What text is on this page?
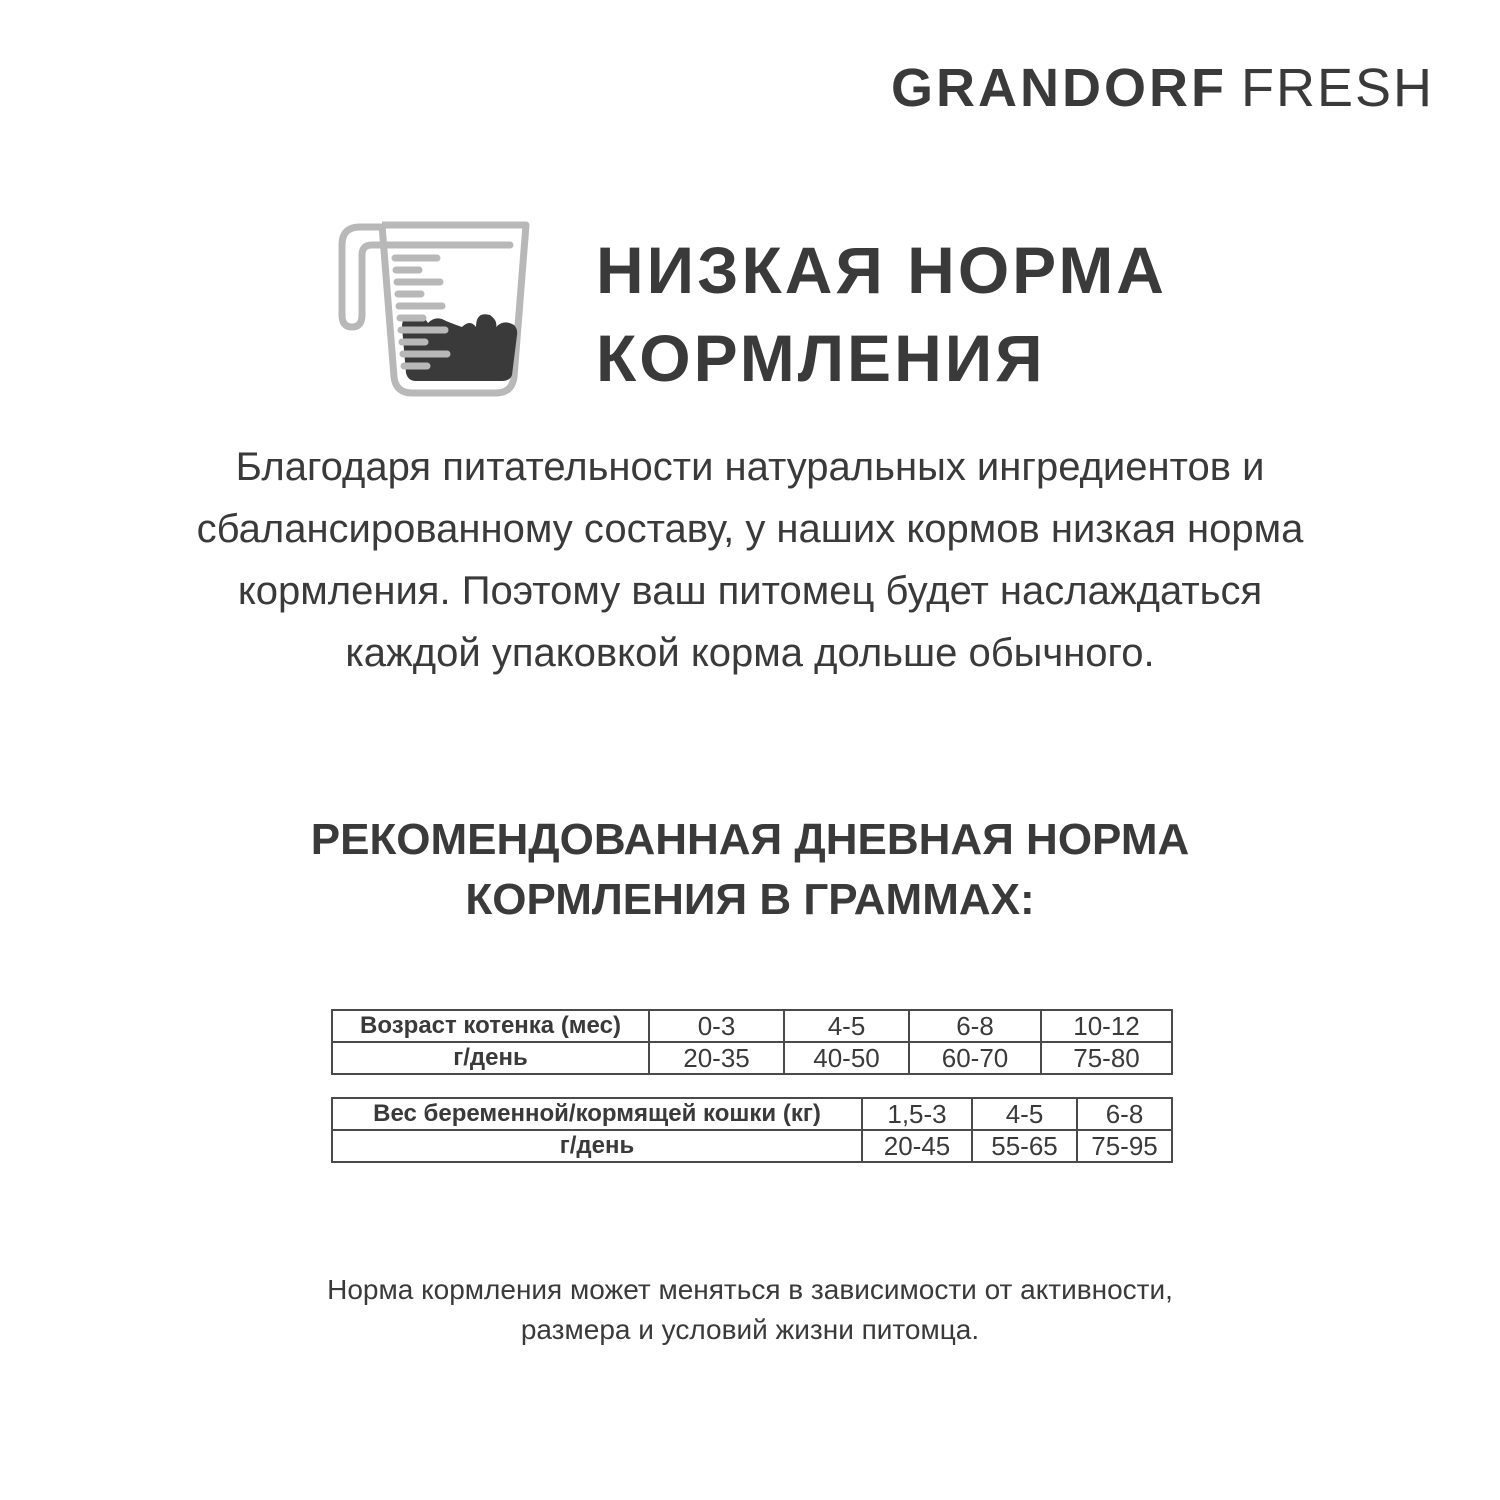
GRANDORF FRESH
НИЗКАЯ НОРМА
КОРМЛЕНИЯ

Благодаря питательности натуральных ингредиентов и
сбалансированному составу, у наших кормов низкая норма
кормления. Поэтому ваш питомец будет наслаждаться
каждой упаковкой корма дольше обычного.

РЕКОМЕНДОВАННАЯ ДНЕВНАЯ НОРМА
КОРМЛЕНИЯ В ГРАММАХ:
Возраст котенка (мес)	0-3	4-5	6-8	10-12
г/день	20-35	40-50	60-70	75-80
Вес беременной/кормящей кошки (кг)	1,5-3	4-5	6-8
г/день	20-45	55-65	75-95

Норма кормления может меняться в зависимости от активности,
размера и условий жизни питомца.
